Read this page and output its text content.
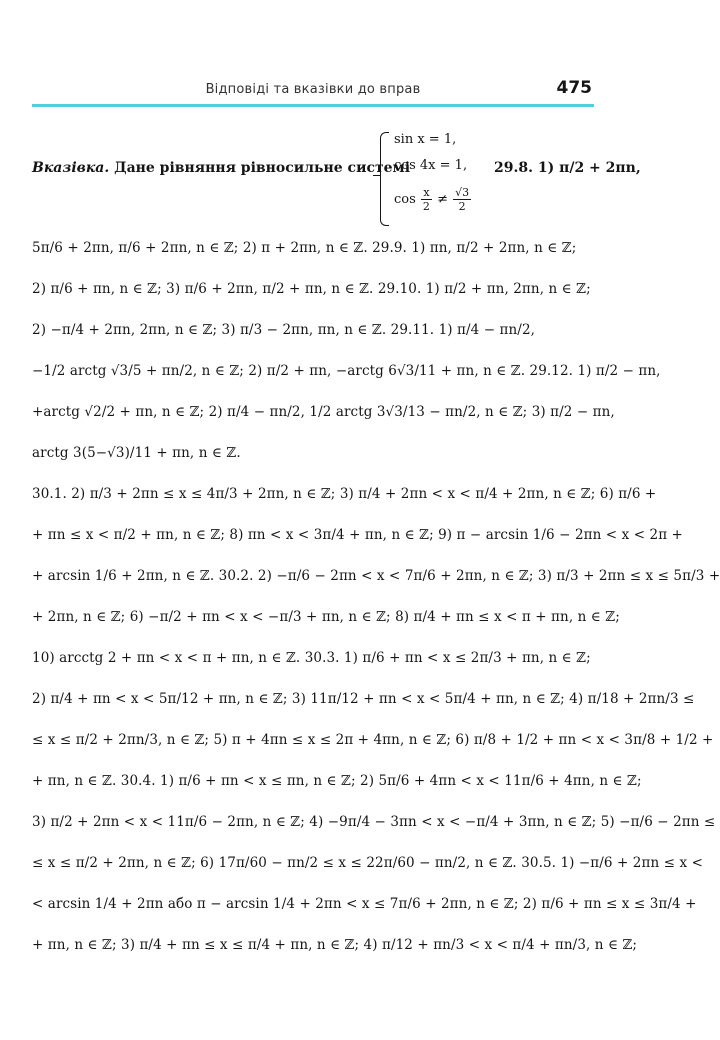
Відповіді та вказівки до вправ	475
Вказівка. Дане рівняння рівносильне системі
sin x = 1,
cos 4x = 1,
$\cos \frac{x}{2} \ne \frac{√3}{2}$
29.8. 1) π/2 + 2πn,
5π/6 + 2πn, π/6 + 2πn, n ∈ ℤ; 2) π + 2πn, n ∈ ℤ. 29.9. 1) πn, π/2 + 2πn, n ∈ ℤ;
2) π/6 + πn, n ∈ ℤ; 3) π/6 + 2πn, π/2 + πn, n ∈ ℤ. 29.10. 1) π/2 + πn, 2πn, n ∈ ℤ;
2) −π/4 + 2πn, 2πn, n ∈ ℤ; 3) π/3 − 2πn, πn, n ∈ ℤ. 29.11. 1) π/4 − πn/2,
−1/2 arctg √3/5 + πn/2, n ∈ ℤ; 2) π/2 + πn, −arctg 6√3/11 + πn, n ∈ ℤ. 29.12. 1) π/2 − πn,
+arctg √2/2 + πn, n ∈ ℤ; 2) π/4 − πn/2, 1/2 arctg 3√3/13 − πn/2, n ∈ ℤ; 3) π/2 − πn,
arctg 3(5−√3)/11 + πn, n ∈ ℤ.
30.1. 2) π/3 + 2πn ≤ x ≤ 4π/3 + 2πn, n ∈ ℤ; 3) π/4 + 2πn < x < π/4 + 2πn, n ∈ ℤ; 6) π/6 +
+ πn ≤ x < π/2 + πn, n ∈ ℤ; 8) πn < x < 3π/4 + πn, n ∈ ℤ; 9) π − arcsin 1/6 − 2πn < x < 2π +
+ arcsin 1/6 + 2πn, n ∈ ℤ. 30.2. 2) −π/6 − 2πn < x < 7π/6 + 2πn, n ∈ ℤ; 3) π/3 + 2πn ≤ x ≤ 5π/3 +
+ 2πn, n ∈ ℤ; 6) −π/2 + πn < x < −π/3 + πn, n ∈ ℤ; 8) π/4 + πn ≤ x < π + πn, n ∈ ℤ;
10) arcctg 2 + πn < x < π + πn, n ∈ ℤ. 30.3. 1) π/6 + πn < x ≤ 2π/3 + πn, n ∈ ℤ;
2) π/4 + πn < x < 5π/12 + πn, n ∈ ℤ; 3) 11π/12 + πn < x < 5π/4 + πn, n ∈ ℤ; 4) π/18 + 2πn/3 ≤
≤ x ≤ π/2 + 2πn/3, n ∈ ℤ; 5) π + 4πn ≤ x ≤ 2π + 4πn, n ∈ ℤ; 6) π/8 + 1/2 + πn < x < 3π/8 + 1/2 +
+ πn, n ∈ ℤ. 30.4. 1) π/6 + πn < x ≤ πn, n ∈ ℤ; 2) 5π/6 + 4πn < x < 11π/6 + 4πn, n ∈ ℤ;
3) π/2 + 2πn < x < 11π/6 − 2πn, n ∈ ℤ; 4) −9π/4 − 3πn < x < −π/4 + 3πn, n ∈ ℤ; 5) −π/6 − 2πn ≤
≤ x ≤ π/2 + 2πn, n ∈ ℤ; 6) 17π/60 − πn/2 ≤ x ≤ 22π/60 − πn/2, n ∈ ℤ. 30.5. 1) −π/6 + 2πn ≤ x <
< arcsin 1/4 + 2πn або π − arcsin 1/4 + 2πn < x ≤ 7π/6 + 2πn, n ∈ ℤ; 2) π/6 + πn ≤ x ≤ 3π/4 +
+ πn, n ∈ ℤ; 3) π/4 + πn ≤ x ≤ π/4 + πn, n ∈ ℤ; 4) π/12 + πn/3 < x < π/4 + πn/3, n ∈ ℤ;
